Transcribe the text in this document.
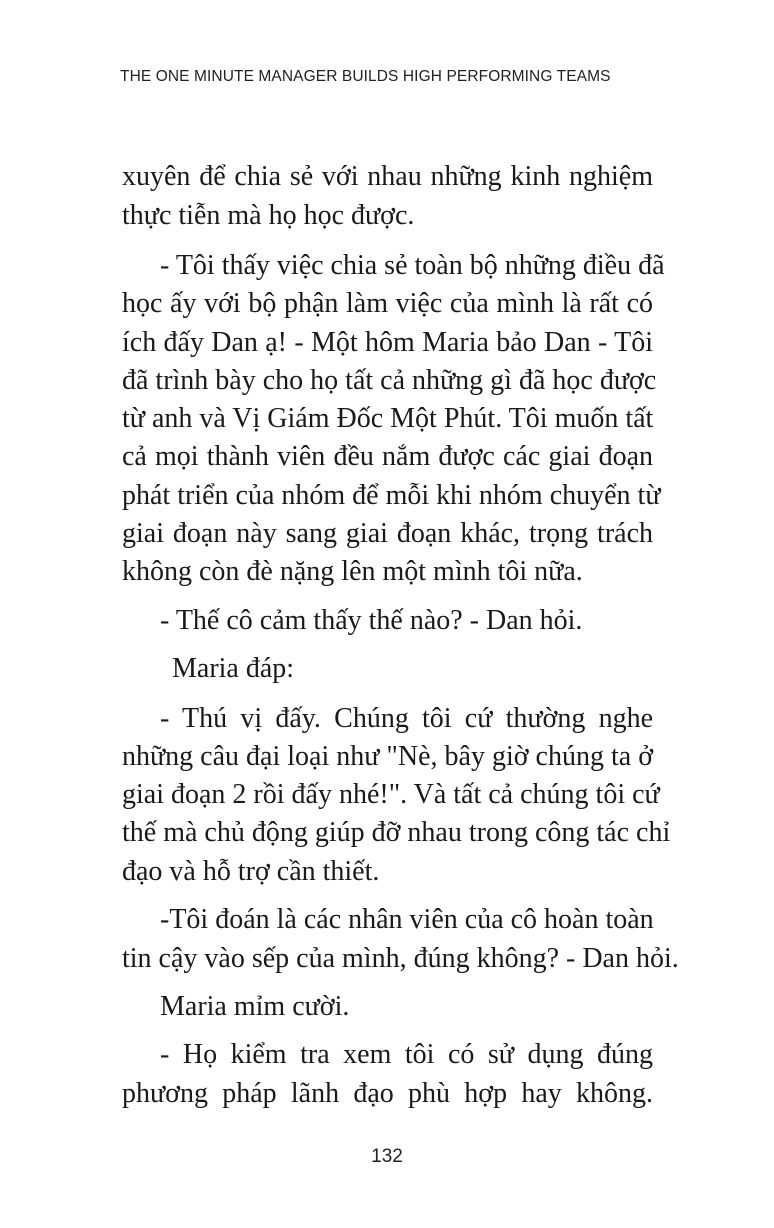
THE ONE MINUTE MANAGER BUILDS HIGH PERFORMING TEAMS
xuyên để chia sẻ với nhau những kinh nghiệm
thực tiễn mà họ học được.
- Tôi thấy việc chia sẻ toàn bộ những điều đã
học ấy với bộ phận làm việc của mình là rất có
ích đấy Dan ạ! - Một hôm Maria bảo Dan - Tôi
đã trình bày cho họ tất cả những gì đã học được
từ anh và Vị Giám Đốc Một Phút. Tôi muốn tất
cả mọi thành viên đều nắm được các giai đoạn
phát triển của nhóm để mỗi khi nhóm chuyển từ
giai đoạn này sang giai đoạn khác, trọng trách
không còn đè nặng lên một mình tôi nữa.
- Thế cô cảm thấy thế nào? - Dan hỏi.
Maria đáp:
- Thú vị đấy. Chúng tôi cứ thường nghe
những câu đại loại như "Nè, bây giờ chúng ta ở
giai đoạn 2 rồi đấy nhé!". Và tất cả chúng tôi cứ
thế mà chủ động giúp đỡ nhau trong công tác chỉ
đạo và hỗ trợ cần thiết.
-Tôi đoán là các nhân viên của cô hoàn toàn
tin cậy vào sếp của mình, đúng không? - Dan hỏi.
Maria mỉm cười.
- Họ kiểm tra xem tôi có sử dụng đúng
phương pháp lãnh đạo phù hợp hay không.
132
